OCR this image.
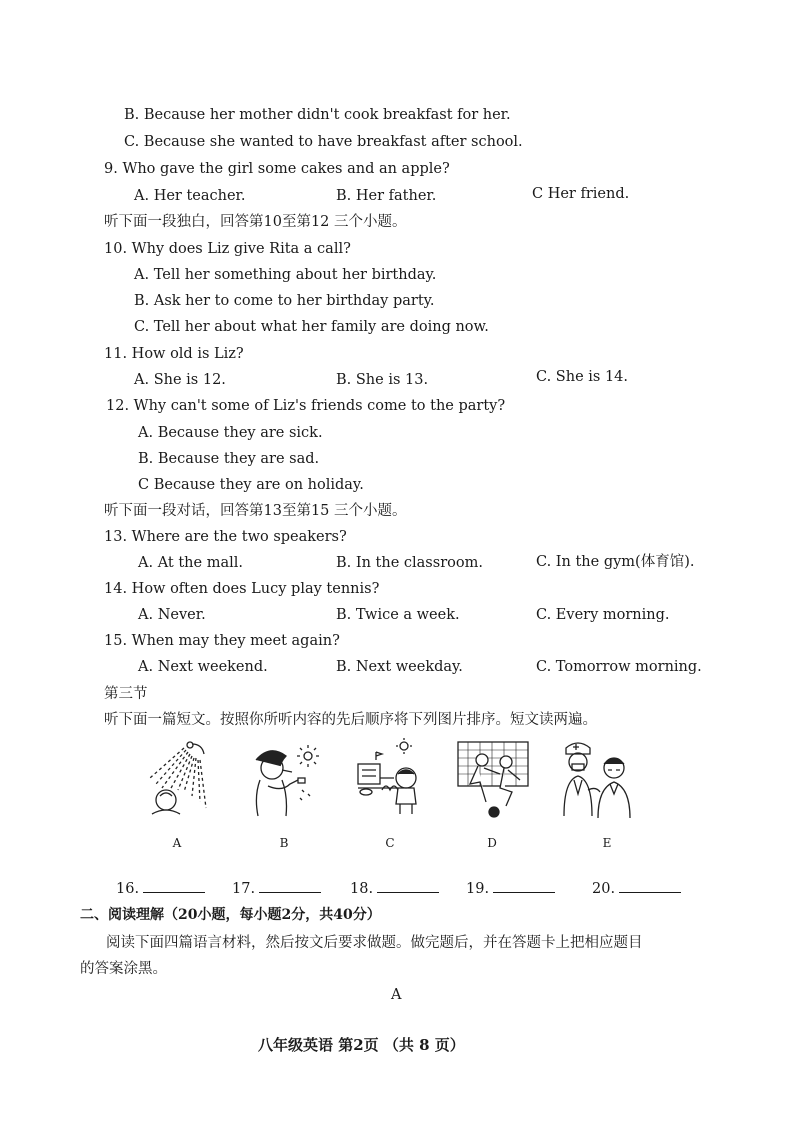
B. Because her mother didn't cook breakfast for her.
C. Because she wanted to have breakfast after school.
9. Who gave the girl some cakes and an apple?
A. Her teacher.	B. Her father.	C Her friend.
听下面一段独白，回答第10至第12 三个小题。
10. Why does Liz give Rita a call?
A. Tell her something about her birthday.
B. Ask her to come to her birthday party.
C. Tell her about what her family are doing now.
11. How old is Liz?
A. She is 12.	B. She is 13.	C. She is 14.
12. Why can't some of Liz's friends come to the party?
A. Because they are sick.
B. Because they are sad.
C Because they are on holiday.
听下面一段对话，回答第13至第15 三个小题。
13. Where are the two speakers?
A. At the mall.	B. In the classroom.	C. In the gym(体育馆).
14. How often does Lucy play tennis?
A. Never.	B. Twice a week.	C. Every morning.
15. When may they meet again?
A. Next weekend.	B. Next weekday.	C. Tomorrow morning.
第三节
听下面一篇短文。按照你所听内容的先后顺序将下列图片排序。短文读两遍。
A	B	C	D	E
16.	17.	18.	19.	20.
二、阅读理解（20小题，每小题2分，共40分）
阅读下面四篇语言材料，然后按文后要求做题。做完题后，并在答题卡上把相应题目
的答案涂黑。
A
八年级英语 第2页 （共 8 页）
